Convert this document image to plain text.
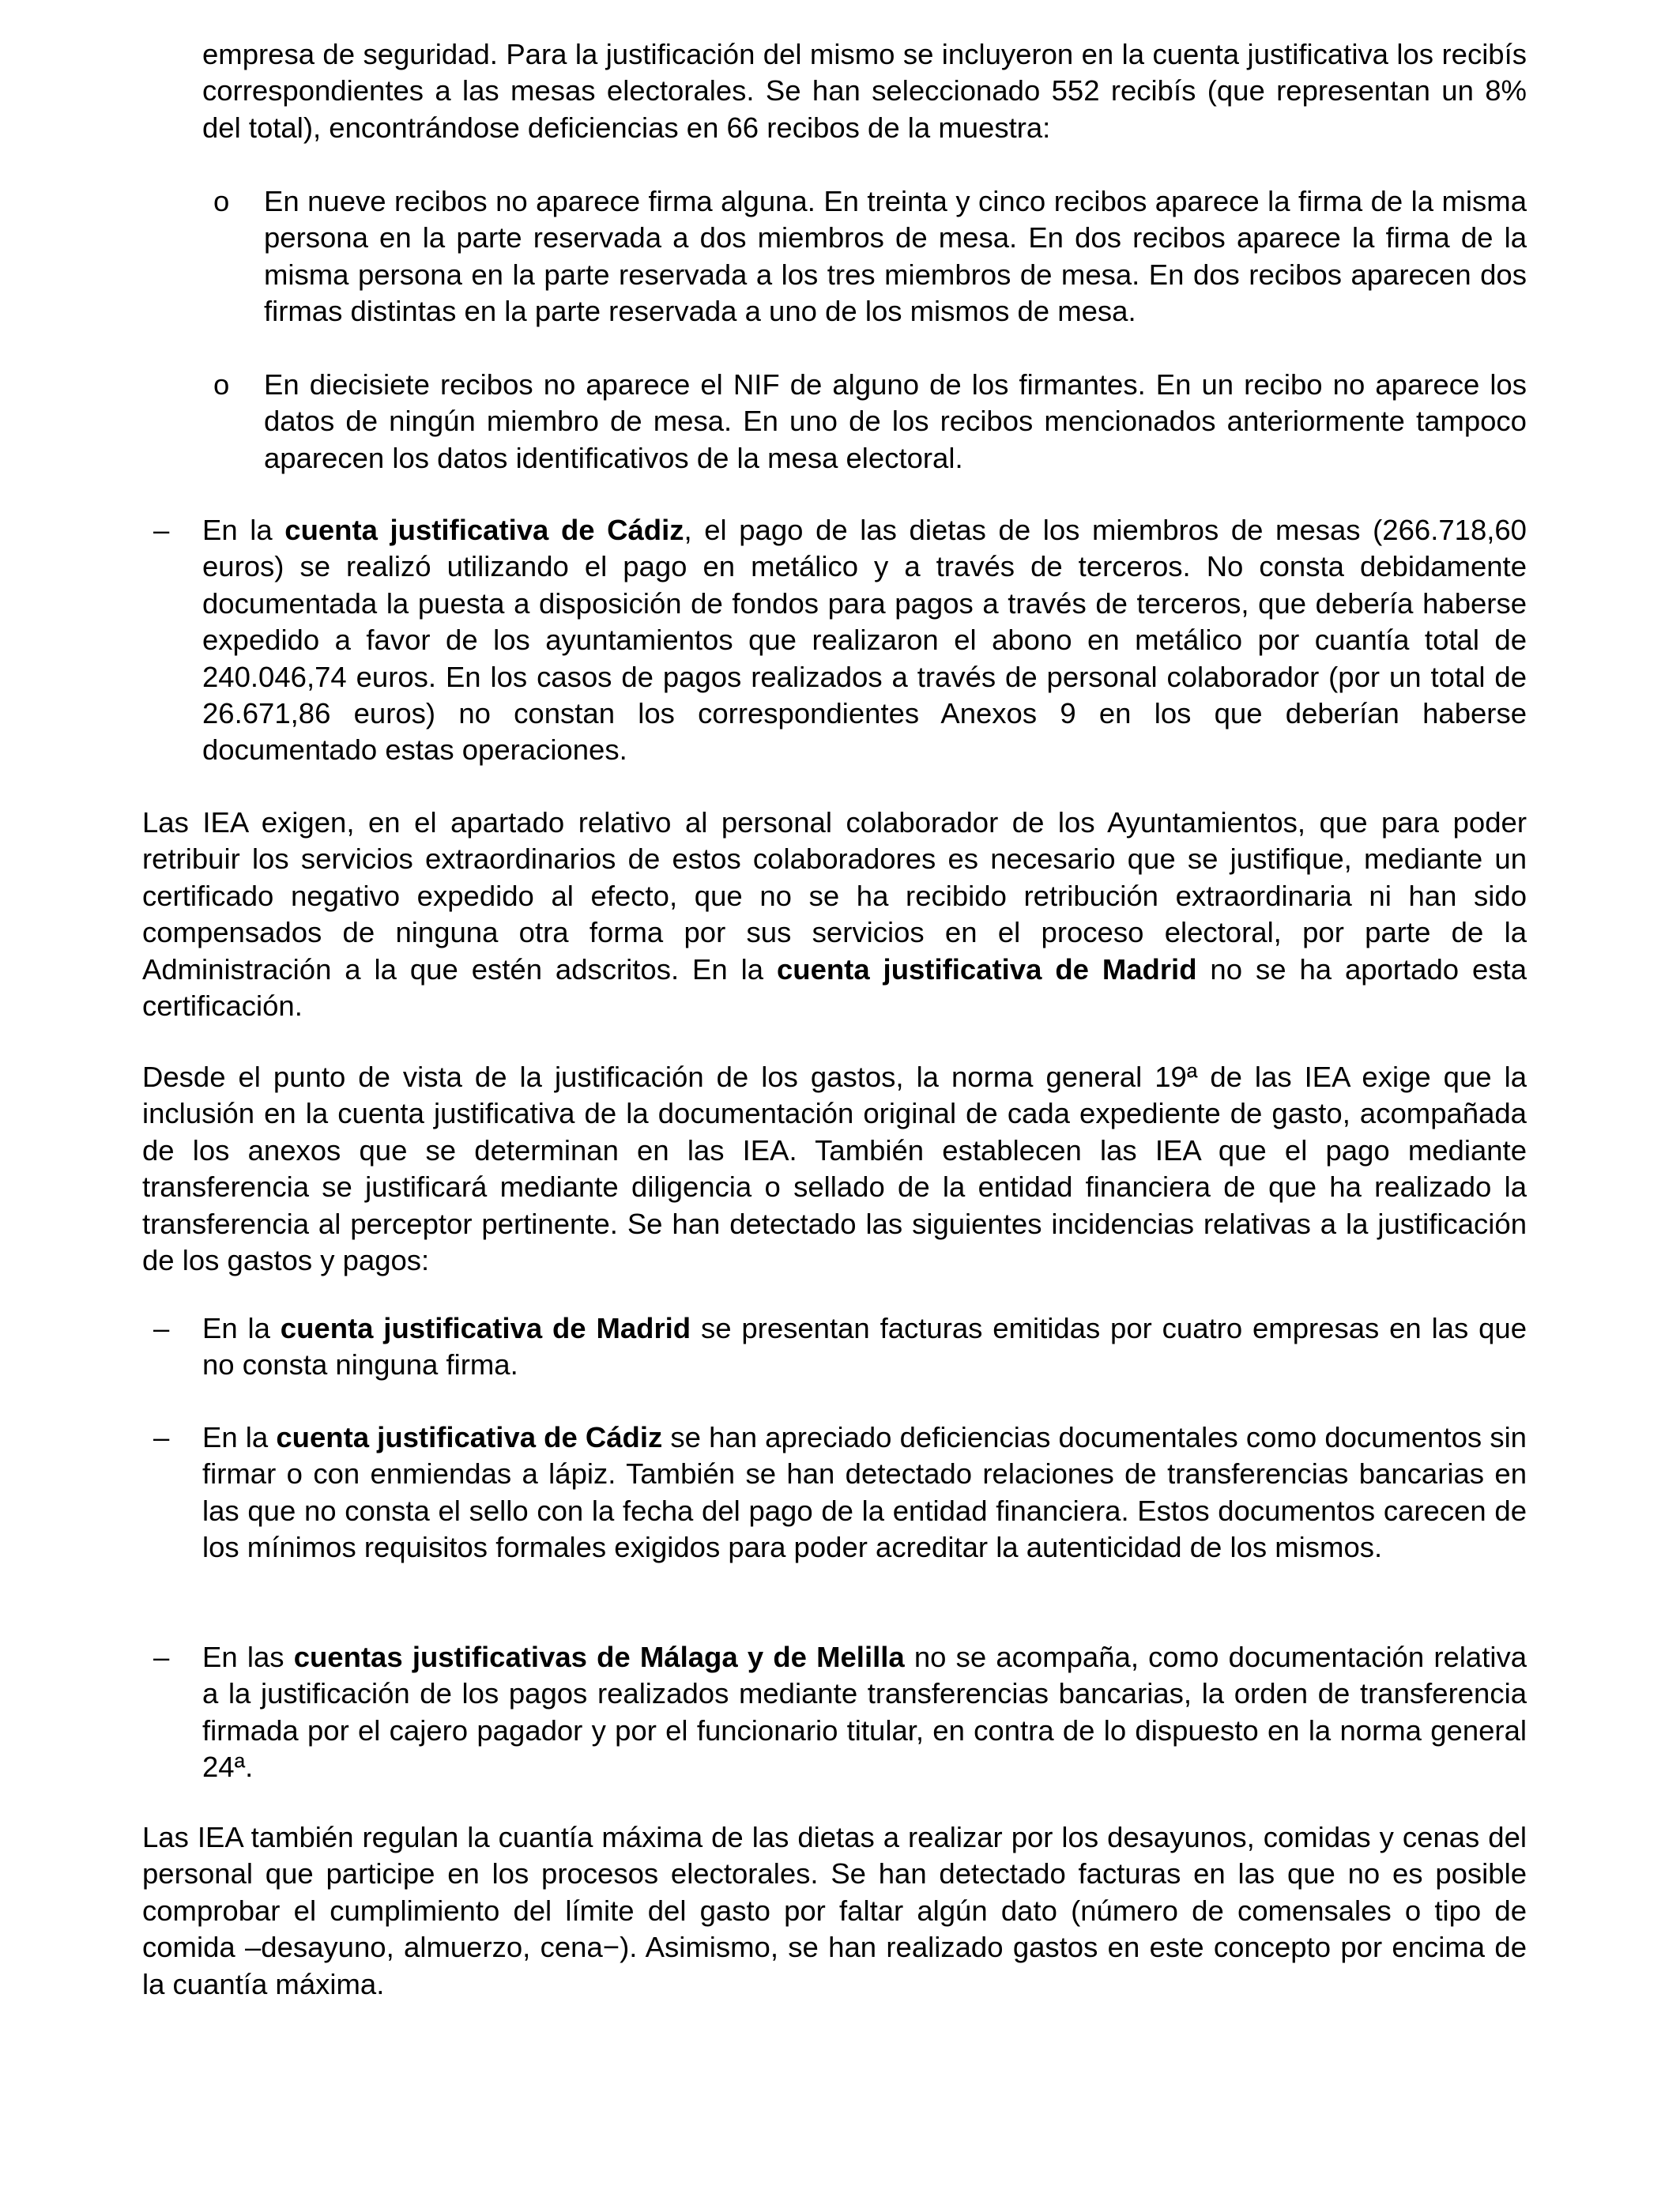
empresa de seguridad. Para la justificación del mismo se incluyeron en la cuenta justificativa los recibís correspondientes a las mesas electorales. Se han seleccionado 552 recibís (que representan un 8% del total), encontrándose deficiencias en 66 recibos de la muestra:

o En nueve recibos no aparece firma alguna. En treinta y cinco recibos aparece la firma de la misma persona en la parte reservada a dos miembros de mesa. En dos recibos aparece la firma de la misma persona en la parte reservada a los tres miembros de mesa. En dos recibos aparecen dos firmas distintas en la parte reservada a uno de los mismos de mesa.

o En diecisiete recibos no aparece el NIF de alguno de los firmantes. En un recibo no aparece los datos de ningún miembro de mesa. En uno de los recibos mencionados anteriormente tampoco aparecen los datos identificativos de la mesa electoral.

– En la cuenta justificativa de Cádiz, el pago de las dietas de los miembros de mesas (266.718,60 euros) se realizó utilizando el pago en metálico y a través de terceros. No consta debidamente documentada la puesta a disposición de fondos para pagos a través de terceros, que debería haberse expedido a favor de los ayuntamientos que realizaron el abono en metálico por cuantía total de 240.046,74 euros. En los casos de pagos realizados a través de personal colaborador (por un total de 26.671,86 euros) no constan los correspondientes Anexos 9 en los que deberían haberse documentado estas operaciones.

Las IEA exigen, en el apartado relativo al personal colaborador de los Ayuntamientos, que para poder retribuir los servicios extraordinarios de estos colaboradores es necesario que se justifique, mediante un certificado negativo expedido al efecto, que no se ha recibido retribución extraordinaria ni han sido compensados de ninguna otra forma por sus servicios en el proceso electoral, por parte de la Administración a la que estén adscritos. En la cuenta justificativa de Madrid no se ha aportado esta certificación.

Desde el punto de vista de la justificación de los gastos, la norma general 19ª de las IEA exige que la inclusión en la cuenta justificativa de la documentación original de cada expediente de gasto, acompañada de los anexos que se determinan en las IEA. También establecen las IEA que el pago mediante transferencia se justificará mediante diligencia o sellado de la entidad financiera de que ha realizado la transferencia al perceptor pertinente. Se han detectado las siguientes incidencias relativas a la justificación de los gastos y pagos:

– En la cuenta justificativa de Madrid se presentan facturas emitidas por cuatro empresas en las que no consta ninguna firma.

– En la cuenta justificativa de Cádiz se han apreciado deficiencias documentales como documentos sin firmar o con enmiendas a lápiz. También se han detectado relaciones de transferencias bancarias en las que no consta el sello con la fecha del pago de la entidad financiera. Estos documentos carecen de los mínimos requisitos formales exigidos para poder acreditar la autenticidad de los mismos.

– En las cuentas justificativas de Málaga y de Melilla no se acompaña, como documentación relativa a la justificación de los pagos realizados mediante transferencias bancarias, la orden de transferencia firmada por el cajero pagador y por el funcionario titular, en contra de lo dispuesto en la norma general 24ª.

Las IEA también regulan la cuantía máxima de las dietas a realizar por los desayunos, comidas y cenas del personal que participe en los procesos electorales. Se han detectado facturas en las que no es posible comprobar el cumplimiento del límite del gasto por faltar algún dato (número de comensales o tipo de comida –desayuno, almuerzo, cena−). Asimismo, se han realizado gastos en este concepto por encima de la cuantía máxima.
